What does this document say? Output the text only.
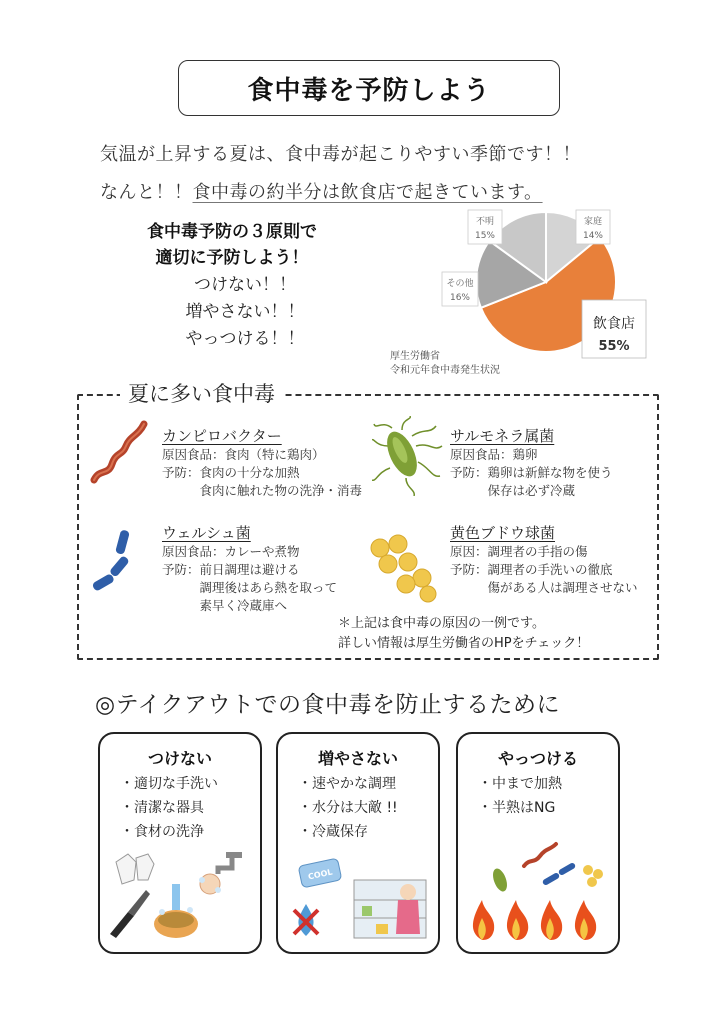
食中毒を予防しよう
気温が上昇する夏は、食中毒が起こりやすい季節です！！
なんと！！食中毒の約半分は飲食店で起きています。
食中毒予防の３原則で
適切に予防しよう！
つけない！！
増やさない！！
やっつける！！
家庭
14%
不明
15%
その他
16%
飲食店
55%
厚生労働省
令和元年食中毒発生状況
夏に多い食中毒
カンピロバクター
原因食品：食肉（特に鶏肉）
予防：食肉の十分な加熱
　　　食肉に触れた物の洗浄・消毒
サルモネラ属菌
原因食品：鶏卵
予防：鶏卵は新鮮な物を使う
　　　保存は必ず冷蔵
ウェルシュ菌
原因食品：カレーや煮物
予防：前日調理は避ける
　　　調理後はあら熱を取って
　　　素早く冷蔵庫へ
黄色ブドウ球菌
原因：調理者の手指の傷
予防：調理者の手洗いの徹底
　　　傷がある人は調理させない
＊上記は食中毒の原因の一例です。
詳しい情報は厚生労働省のHPをチェック！
◎テイクアウトでの食中毒を防止するために
つけない
・適切な手洗い
・清潔な器具
・食材の洗浄
増やさない
・速やかな調理
・水分は大敵 !!
・冷蔵保存
COOL
やっつける
・中まで加熱
・半熟はNG
